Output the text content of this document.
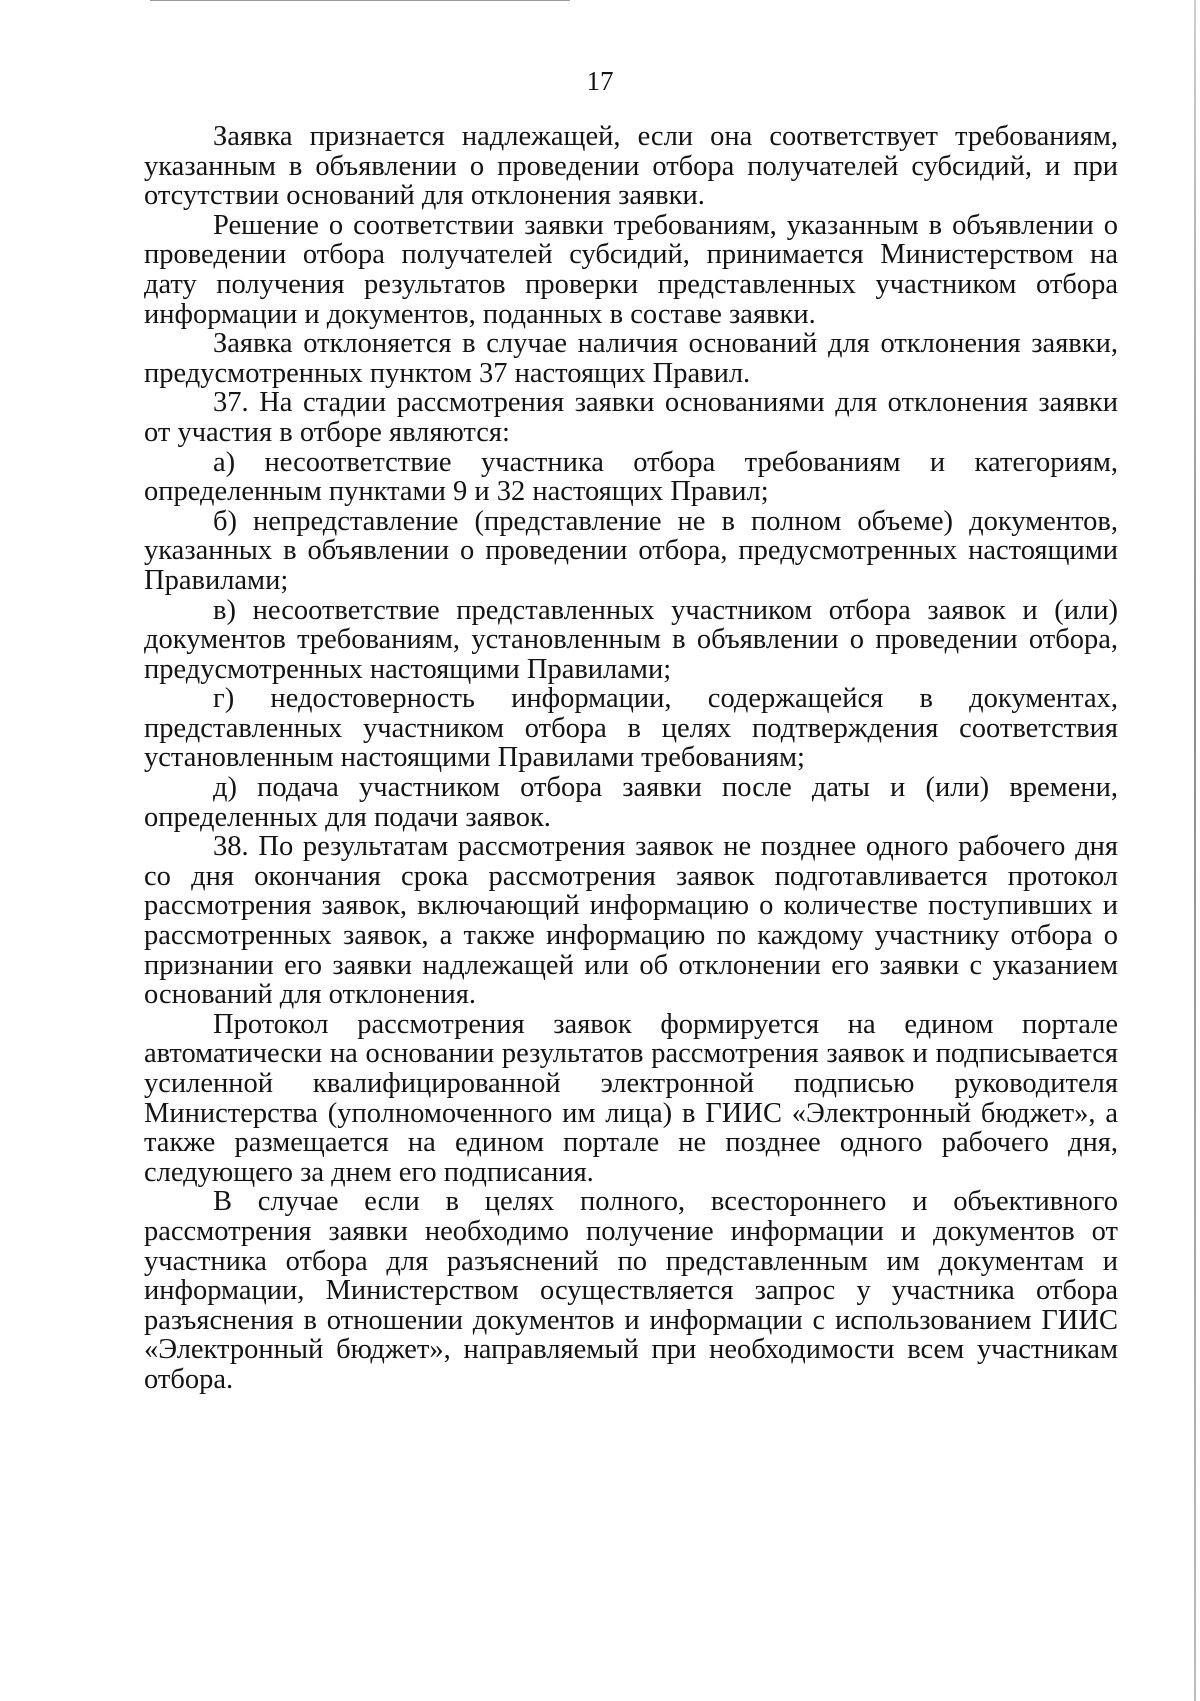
17

Заявка признается надлежащей, если она соответствует требованиям, указанным в объявлении о проведении отбора получателей субсидий, и при отсутствии оснований для отклонения заявки.

Решение о соответствии заявки требованиям, указанным в объявлении о проведении отбора получателей субсидий, принимается Министерством на дату получения результатов проверки представленных участником отбора информации и документов, поданных в составе заявки.

Заявка отклоняется в случае наличия оснований для отклонения заявки, предусмотренных пунктом 37 настоящих Правил.

37. На стадии рассмотрения заявки основаниями для отклонения заявки от участия в отборе являются:

а) несоответствие участника отбора требованиям и категориям, определенным пунктами 9 и 32 настоящих Правил;

б) непредставление (представление не в полном объеме) документов, указанных в объявлении о проведении отбора, предусмотренных настоящими Правилами;

в) несоответствие представленных участником отбора заявок и (или) документов требованиям, установленным в объявлении о проведении отбора, предусмотренных настоящими Правилами;

г) недостоверность информации, содержащейся в документах, представленных участником отбора в целях подтверждения соответствия установленным настоящими Правилами требованиям;

д) подача участником отбора заявки после даты и (или) времени, определенных для подачи заявок.

38. По результатам рассмотрения заявок не позднее одного рабочего дня со дня окончания срока рассмотрения заявок подготавливается протокол рассмотрения заявок, включающий информацию о количестве поступивших и рассмотренных заявок, а также информацию по каждому участнику отбора о признании его заявки надлежащей или об отклонении его заявки с указанием оснований для отклонения.

Протокол рассмотрения заявок формируется на едином портале автоматически на основании результатов рассмотрения заявок и подписывается усиленной квалифицированной электронной подписью руководителя Министерства (уполномоченного им лица) в ГИИС «Электронный бюджет», а также размещается на едином портале не позднее одного рабочего дня, следующего за днем его подписания.

В случае если в целях полного, всестороннего и объективного рассмотрения заявки необходимо получение информации и документов от участника отбора для разъяснений по представленным им документам и информации, Министерством осуществляется запрос у участника отбора разъяснения в отношении документов и информации с использованием ГИИС «Электронный бюджет», направляемый при необходимости всем участникам отбора.
